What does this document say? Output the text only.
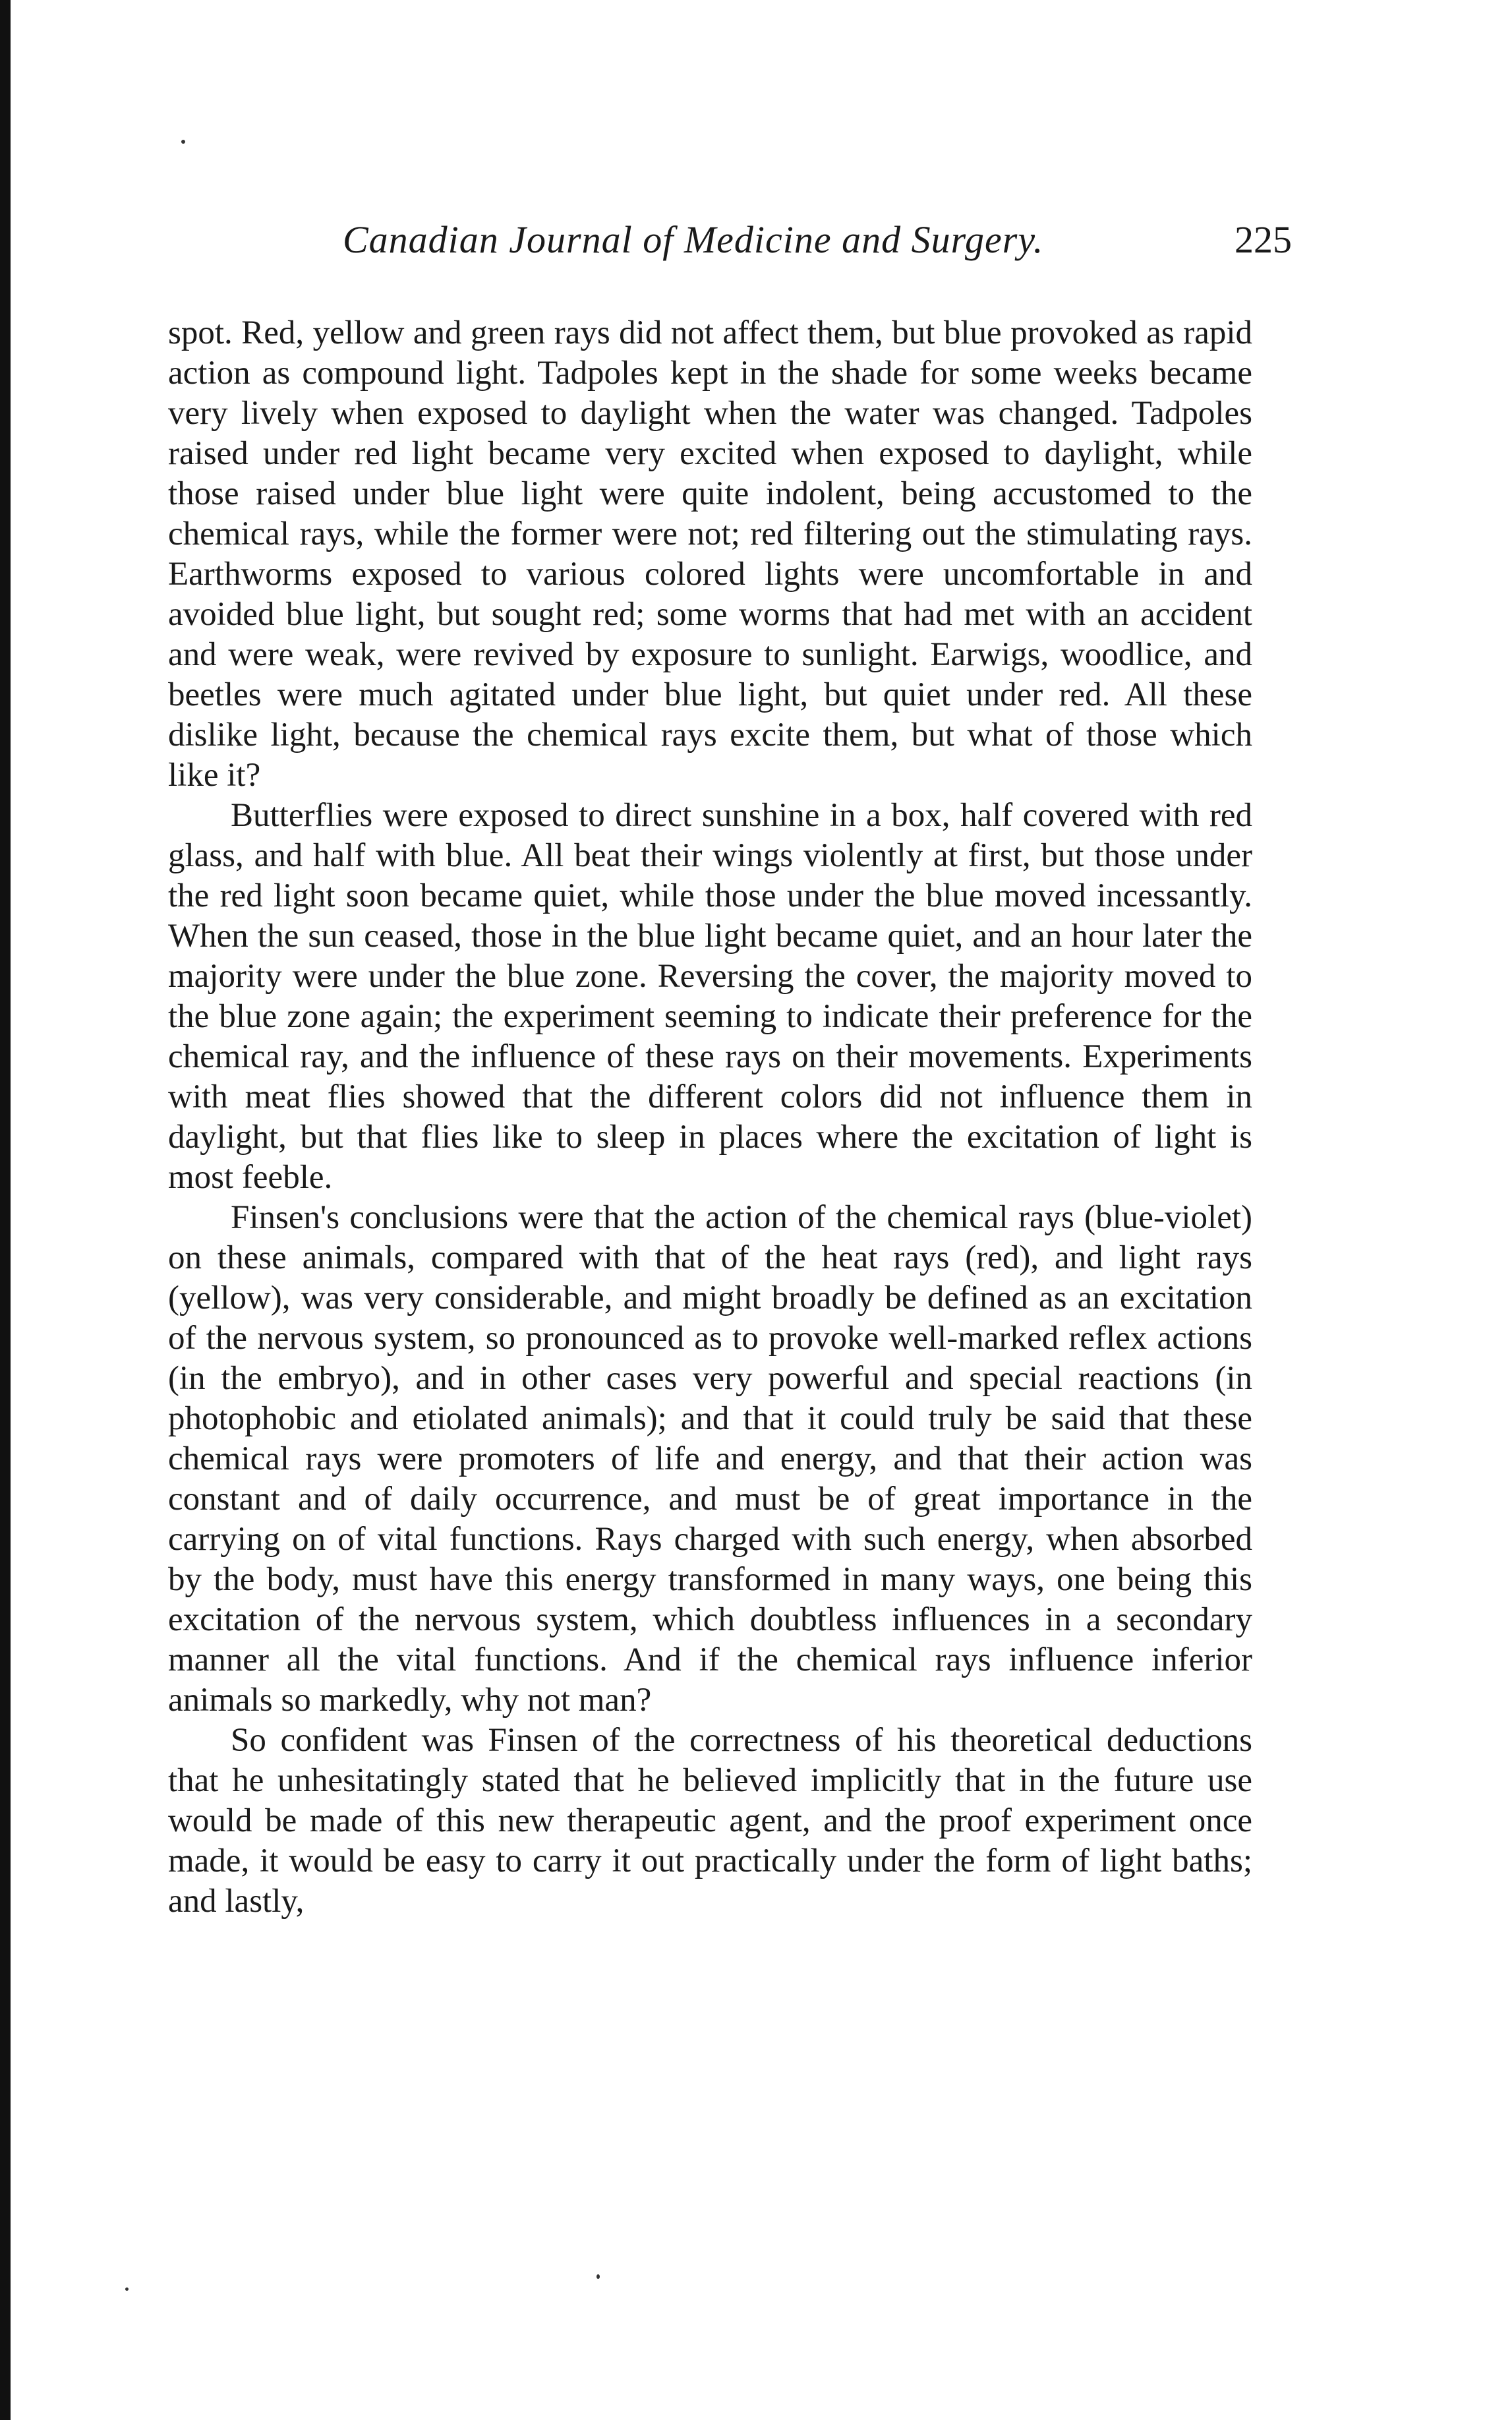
Canadian Journal of Medicine and Surgery.	225

spot. Red, yellow and green rays did not affect them, but blue provoked as rapid action as compound light. Tadpoles kept in the shade for some weeks became very lively when exposed to daylight when the water was changed. Tadpoles raised under red light became very excited when exposed to daylight, while those raised under blue light were quite indolent, being accustomed to the chemical rays, while the former were not; red filtering out the stimulating rays. Earthworms exposed to various colored lights were uncomfortable in and avoided blue light, but sought red; some worms that had met with an accident and were weak, were revived by exposure to sunlight. Earwigs, woodlice, and beetles were much agitated under blue light, but quiet under red. All these dislike light, because the chemical rays excite them, but what of those which like it?

Butterflies were exposed to direct sunshine in a box, half covered with red glass, and half with blue. All beat their wings violently at first, but those under the red light soon became quiet, while those under the blue moved incessantly. When the sun ceased, those in the blue light became quiet, and an hour later the majority were under the blue zone. Reversing the cover, the majority moved to the blue zone again; the experiment seeming to indicate their preference for the chemical ray, and the influence of these rays on their movements. Experiments with meat flies showed that the different colors did not influence them in daylight, but that flies like to sleep in places where the excitation of light is most feeble.

Finsen's conclusions were that the action of the chemical rays (blue-violet) on these animals, compared with that of the heat rays (red), and light rays (yellow), was very considerable, and might broadly be defined as an excitation of the nervous system, so pronounced as to provoke well-marked reflex actions (in the embryo), and in other cases very powerful and special reactions (in photophobic and etiolated animals); and that it could truly be said that these chemical rays were promoters of life and energy, and that their action was constant and of daily occurrence, and must be of great importance in the carrying on of vital functions. Rays charged with such energy, when absorbed by the body, must have this energy transformed in many ways, one being this excitation of the nervous system, which doubtless influences in a secondary manner all the vital functions. And if the chemical rays influence inferior animals so markedly, why not man?

So confident was Finsen of the correctness of his theoretical deductions that he unhesitatingly stated that he believed implicitly that in the future use would be made of this new therapeutic agent, and the proof experiment once made, it would be easy to carry it out practically under the form of light baths; and lastly,
